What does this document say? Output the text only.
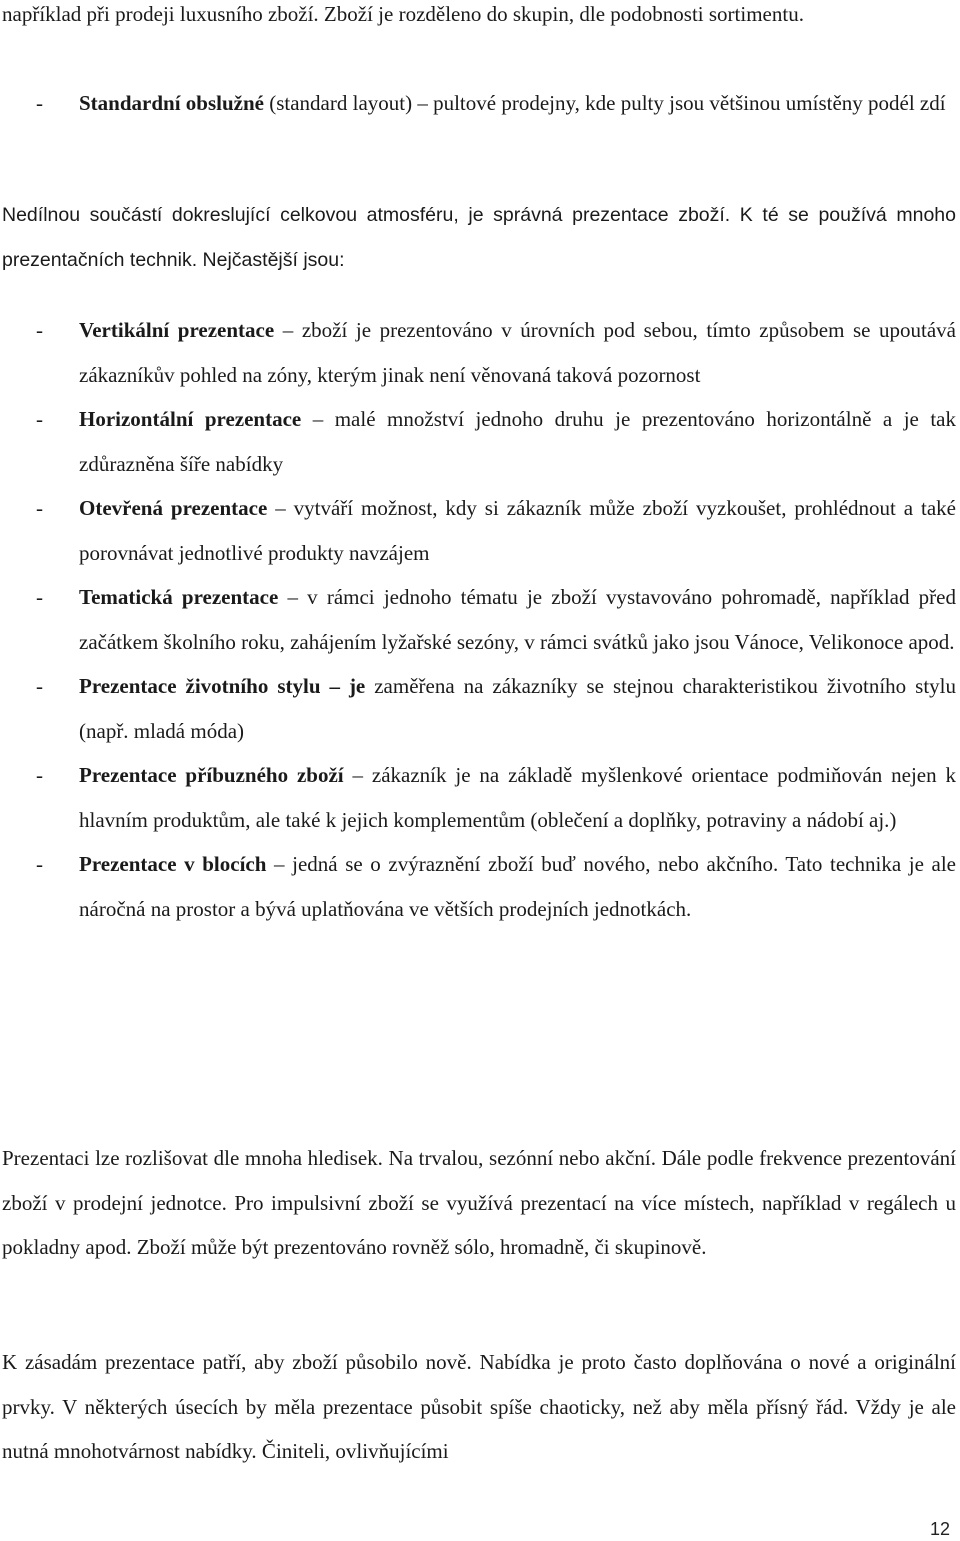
například při prodeji luxusního zboží. Zboží je rozděleno do skupin, dle podobnosti sortimentu.

- Standardní obslužné (standard layout) – pultové prodejny, kde pulty jsou většinou umístěny podél zdí

Nedílnou součástí dokreslující celkovou atmosféru, je správná prezentace zboží. K té se používá mnoho prezentačních technik. Nejčastější jsou:

- Vertikální prezentace – zboží je prezentováno v úrovních pod sebou, tímto způsobem se upoutává zákazníkův pohled na zóny, kterým jinak není věnovaná taková pozornost
- Horizontální prezentace – malé množství jednoho druhu je prezentováno horizontálně a je tak zdůrazněna šíře nabídky
- Otevřená prezentace – vytváří možnost, kdy si zákazník může zboží vyzkoušet, prohlédnout a také porovnávat jednotlivé produkty navzájem
- Tematická prezentace – v rámci jednoho tématu je zboží vystavováno pohromadě, například před začátkem školního roku, zahájením lyžařské sezóny, v rámci svátků jako jsou Vánoce, Velikonoce apod.
- Prezentace životního stylu – je zaměřena na zákazníky se stejnou charakteristikou životního stylu (např. mladá móda)
- Prezentace příbuzného zboží – zákazník je na základě myšlenkové orientace podmiňován nejen k hlavním produktům, ale také k jejich komplementům (oblečení a doplňky, potraviny a nádobí aj.)
- Prezentace v blocích – jedná se o zvýraznění zboží buď nového, nebo akčního. Tato technika je ale náročná na prostor a bývá uplatňována ve větších prodejních jednotkách.

Prezentaci lze rozlišovat dle mnoha hledisek. Na trvalou, sezónní nebo akční. Dále podle frekvence prezentování zboží v prodejní jednotce. Pro impulsivní zboží se využívá prezentací na více místech, například v regálech u pokladny apod. Zboží může být prezentováno rovněž sólo, hromadně, či skupinově.

K zásadám prezentace patří, aby zboží působilo nově. Nabídka je proto často doplňována o nové a originální prvky. V některých úsecích by měla prezentace působit spíše chaoticky, než aby měla přísný řád. Vždy je ale nutná mnohotvárnost nabídky. Činiteli, ovlivňujícími

12
